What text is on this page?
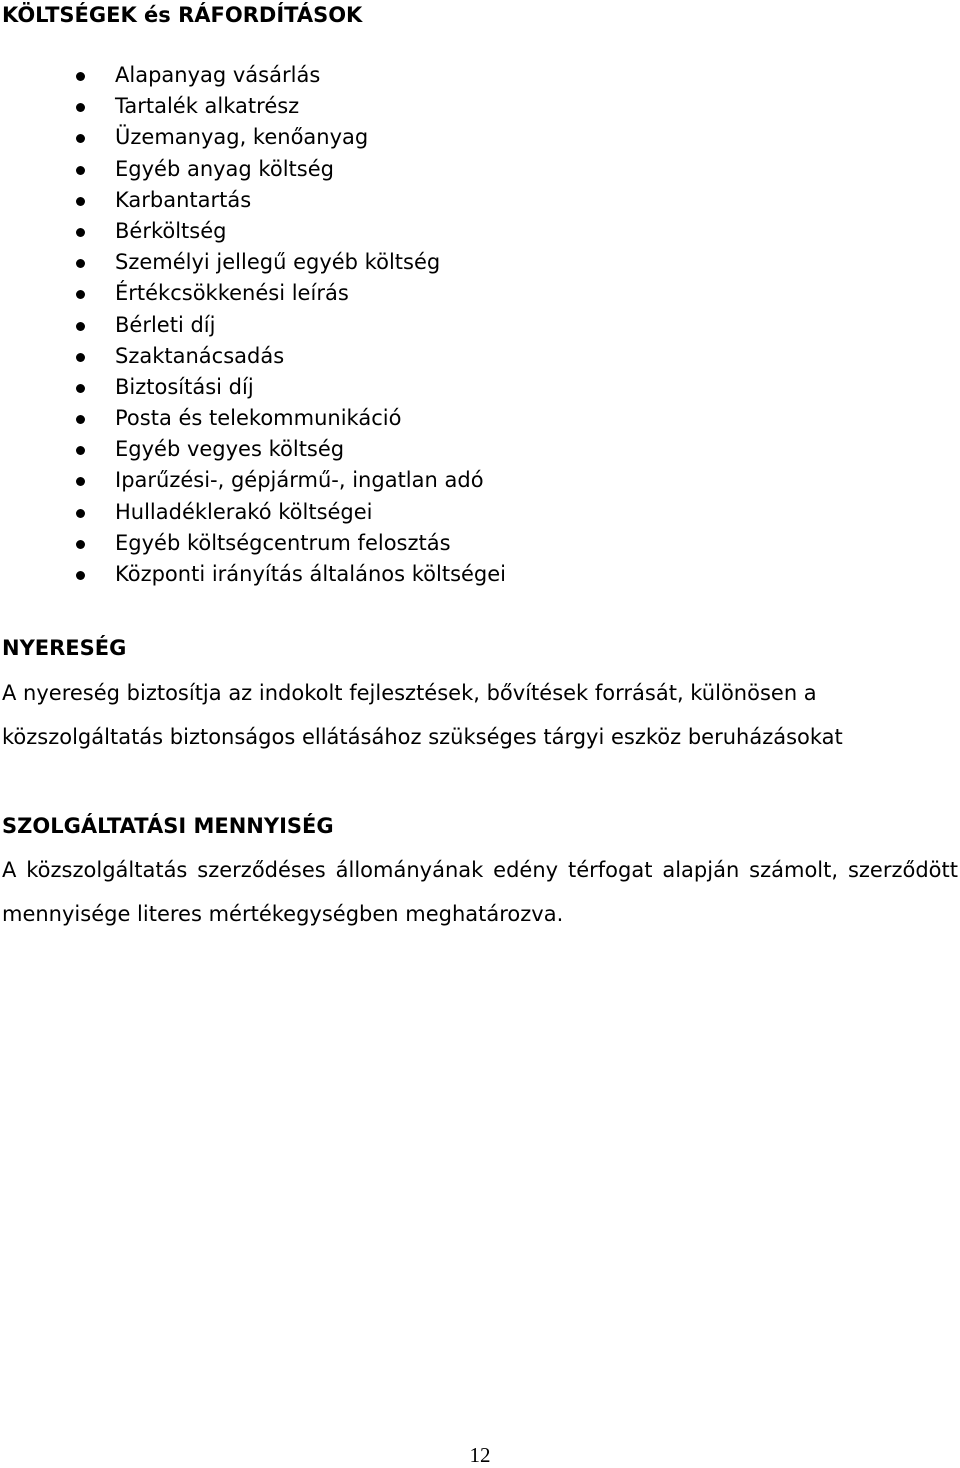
KÖLTSÉGEK és RÁFORDÍTÁSOK
Alapanyag vásárlás
Tartalék alkatrész
Üzemanyag, kenőanyag
Egyéb anyag költség
Karbantartás
Bérköltség
Személyi jellegű egyéb költség
Értékcsökkenési leírás
Bérleti díj
Szaktanácsadás
Biztosítási díj
Posta és telekommunikáció
Egyéb vegyes költség
Iparűzési-, gépjármű-, ingatlan adó
Hulladéklerakó költségei
Egyéb költségcentrum felosztás
Központi irányítás általános költségei
NYERESÉG

A nyereség biztosítja az indokolt fejlesztések, bővítések forrását, különösen a közszolgáltatás biztonságos ellátásához szükséges tárgyi eszköz beruházásokat

SZOLGÁLTATÁSI MENNYISÉG

A közszolgáltatás szerződéses állományának edény térfogat alapján számolt, szerződött mennyisége literes mértékegységben meghatározva.

12
